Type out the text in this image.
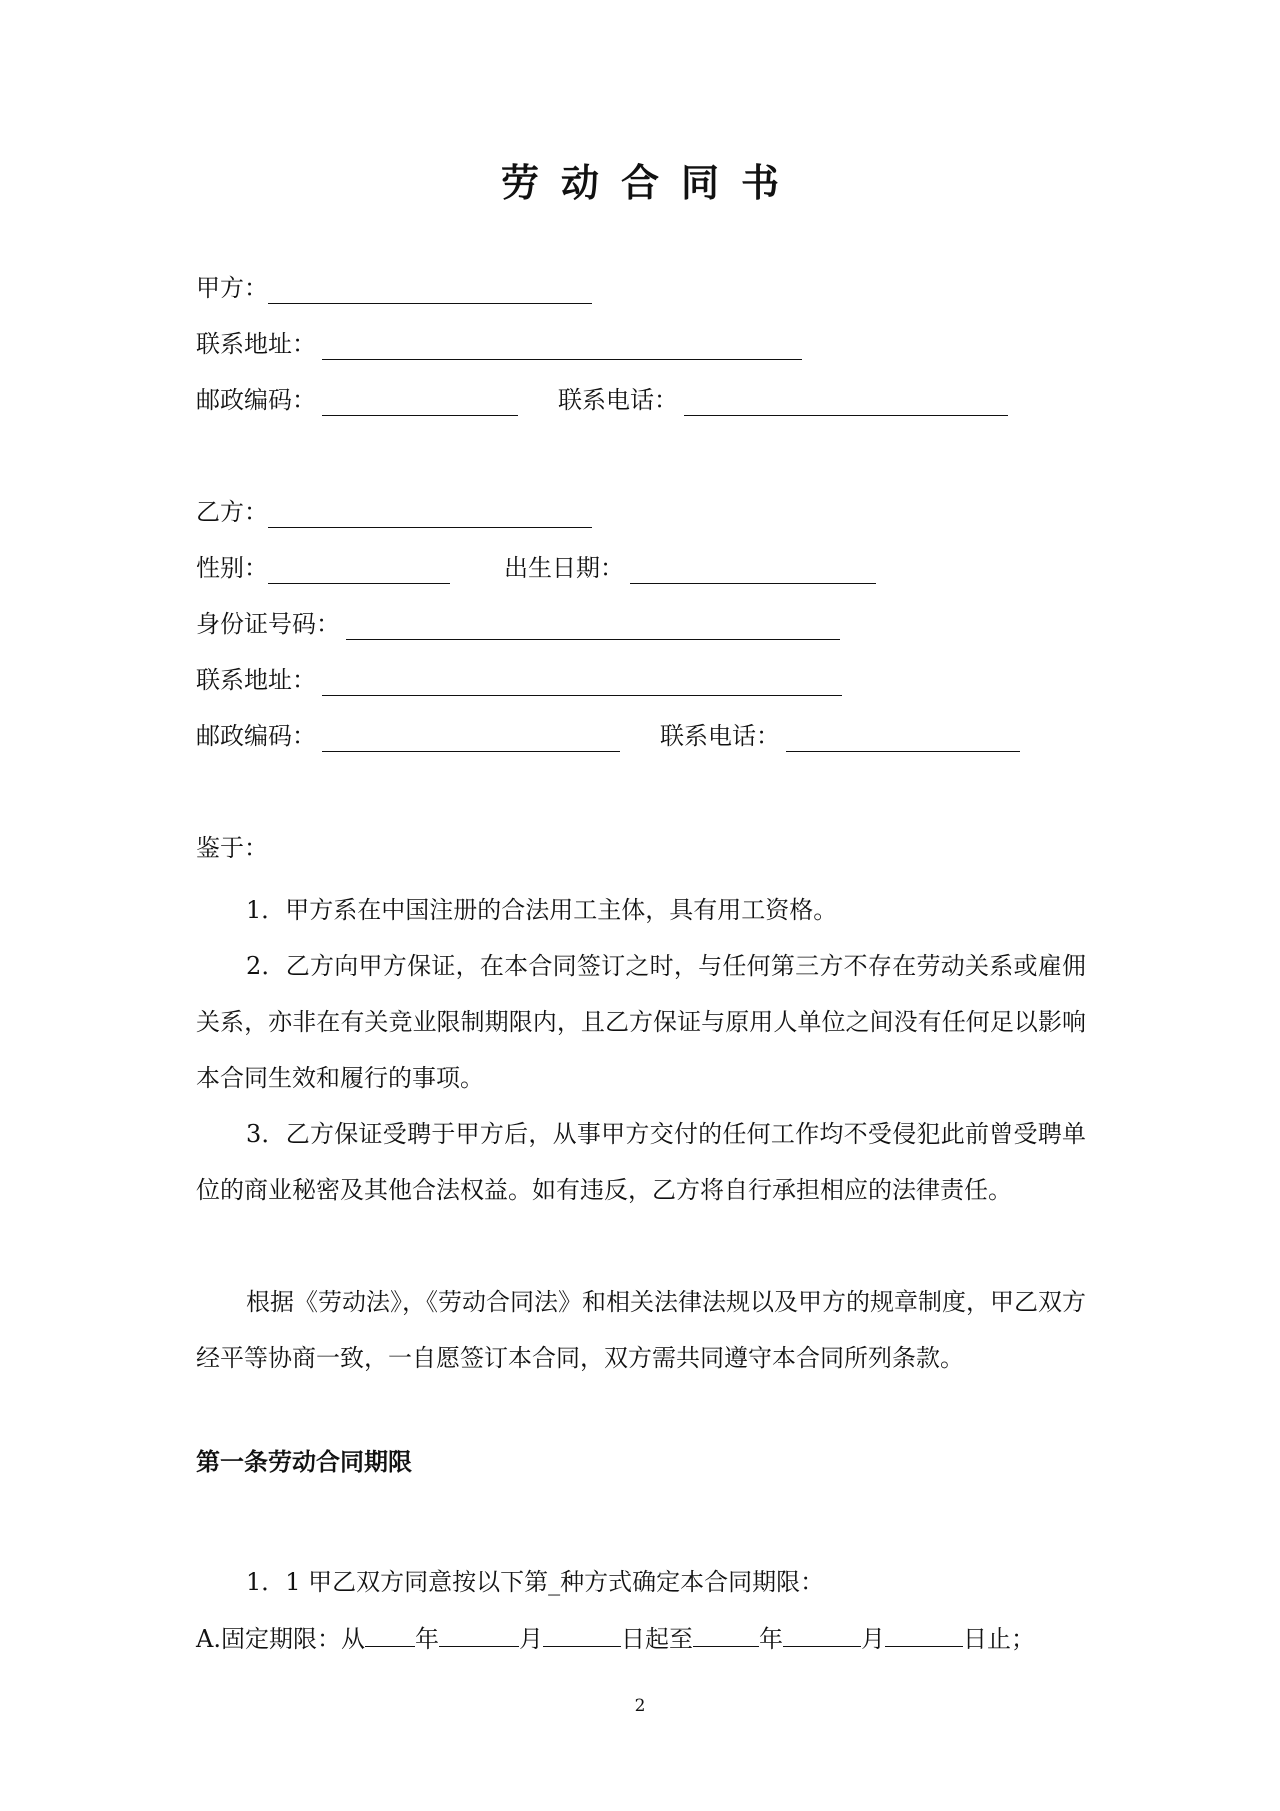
劳动合同书
甲方：
联系地址：
邮政编码：	联系电话：
乙方：
性别：	出生日期：
身份证号码：
联系地址：
邮政编码：	联系电话：
鉴于：
1．甲方系在中国注册的合法用工主体，具有用工资格。
2．乙方向甲方保证，在本合同签订之时，与任何第三方不存在劳动关系或雇佣关系，亦非在有关竞业限制期限内，且乙方保证与原用人单位之间没有任何足以影响本合同生效和履行的事项。
3．乙方保证受聘于甲方后，从事甲方交付的任何工作均不受侵犯此前曾受聘单位的商业秘密及其他合法权益。如有违反，乙方将自行承担相应的法律责任。
根据《劳动法》，《劳动合同法》和相关法律法规以及甲方的规章制度，甲乙双方经平等协商一致，一自愿签订本合同，双方需共同遵守本合同所列条款。
第一条劳动合同期限
1．1 甲乙双方同意按以下第_种方式确定本合同期限：
A.固定期限：从 年	月	日起至	年	月	日止；
2
